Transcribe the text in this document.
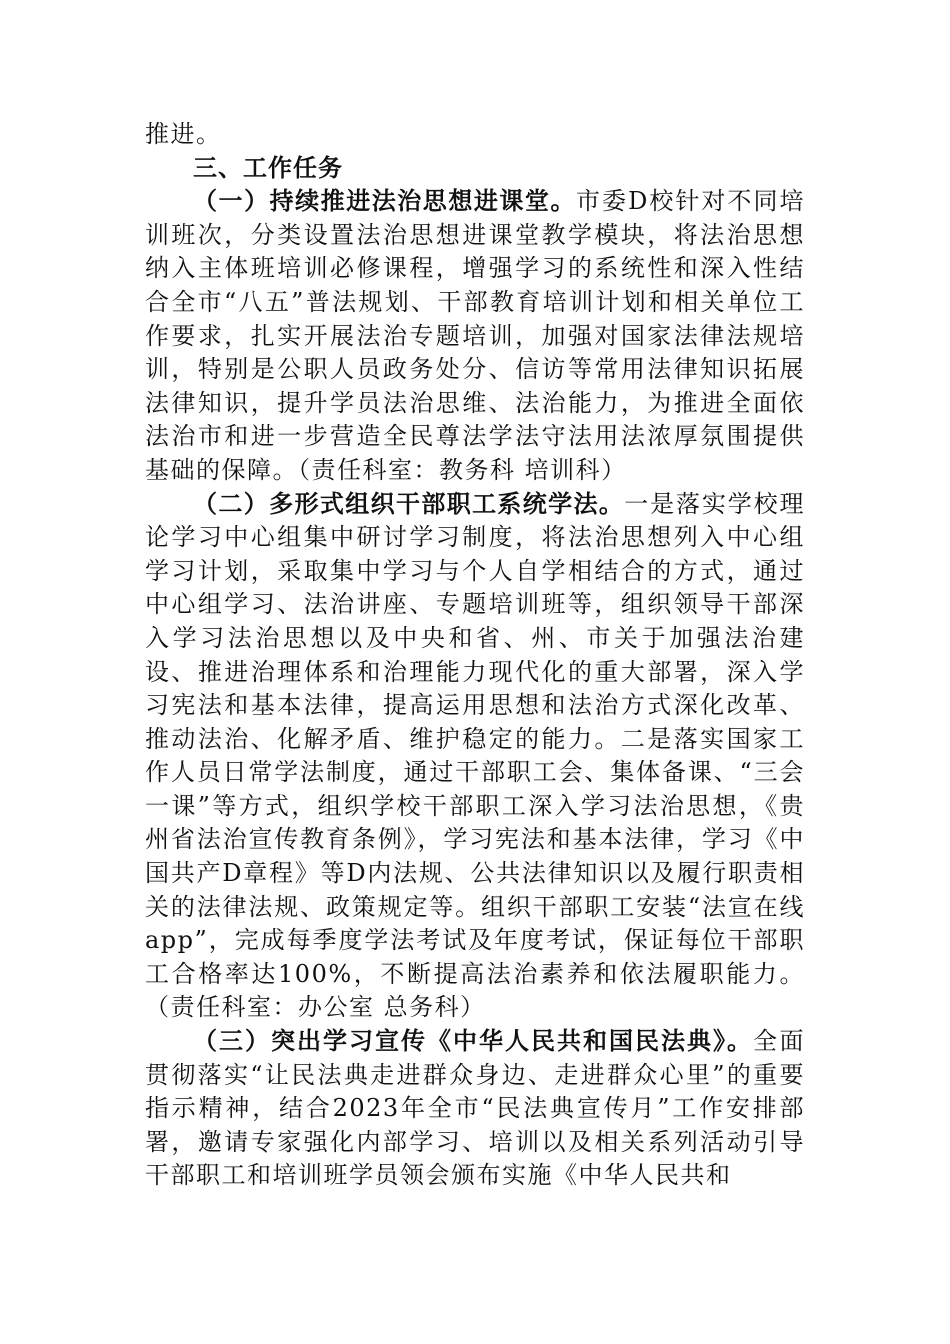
推进。

三、工作任务

（一）持续推进法治思想进课堂。市委D校针对不同培训班次，分类设置法治思想进课堂教学模块，将法治思想纳入主体班培训必修课程，增强学习的系统性和深入性结合全市“八五”普法规划、干部教育培训计划和相关单位工作要求，扎实开展法治专题培训，加强对国家法律法规培训，特别是公职人员政务处分、信访等常用法律知识拓展法律知识，提升学员法治思维、法治能力，为推进全面依法治市和进一步营造全民尊法学法守法用法浓厚氛围提供基础的保障。（责任科室：教务科 培训科）

（二）多形式组织干部职工系统学法。一是落实学校理论学习中心组集中研讨学习制度，将法治思想列入中心组学习计划，采取集中学习与个人自学相结合的方式，通过中心组学习、法治讲座、专题培训班等，组织领导干部深入学习法治思想以及中央和省、州、市关于加强法治建设、推进治理体系和治理能力现代化的重大部署，深入学习宪法和基本法律，提高运用思想和法治方式深化改革、推动法治、化解矛盾、维护稳定的能力。二是落实国家工作人员日常学法制度，通过干部职工会、集体备课、“三会一课”等方式，组织学校干部职工深入学习法治思想，《贵州省法治宣传教育条例》，学习宪法和基本法律，学习《中国共产D章程》等D内法规、公共法律知识以及履行职责相关的法律法规、政策规定等。组织干部职工安装“法宣在线app”，完成每季度学法考试及年度考试，保证每位干部职工合格率达100%，不断提高法治素养和依法履职能力。（责任科室：办公室 总务科）

（三）突出学习宣传《中华人民共和国民法典》。全面贯彻落实“让民法典走进群众身边、走进群众心里”的重要指示精神，结合2023年全市“民法典宣传月”工作安排部署，邀请专家强化内部学习、培训以及相关系列活动引导干部职工和培训班学员领会颁布实施《中华人民共和
